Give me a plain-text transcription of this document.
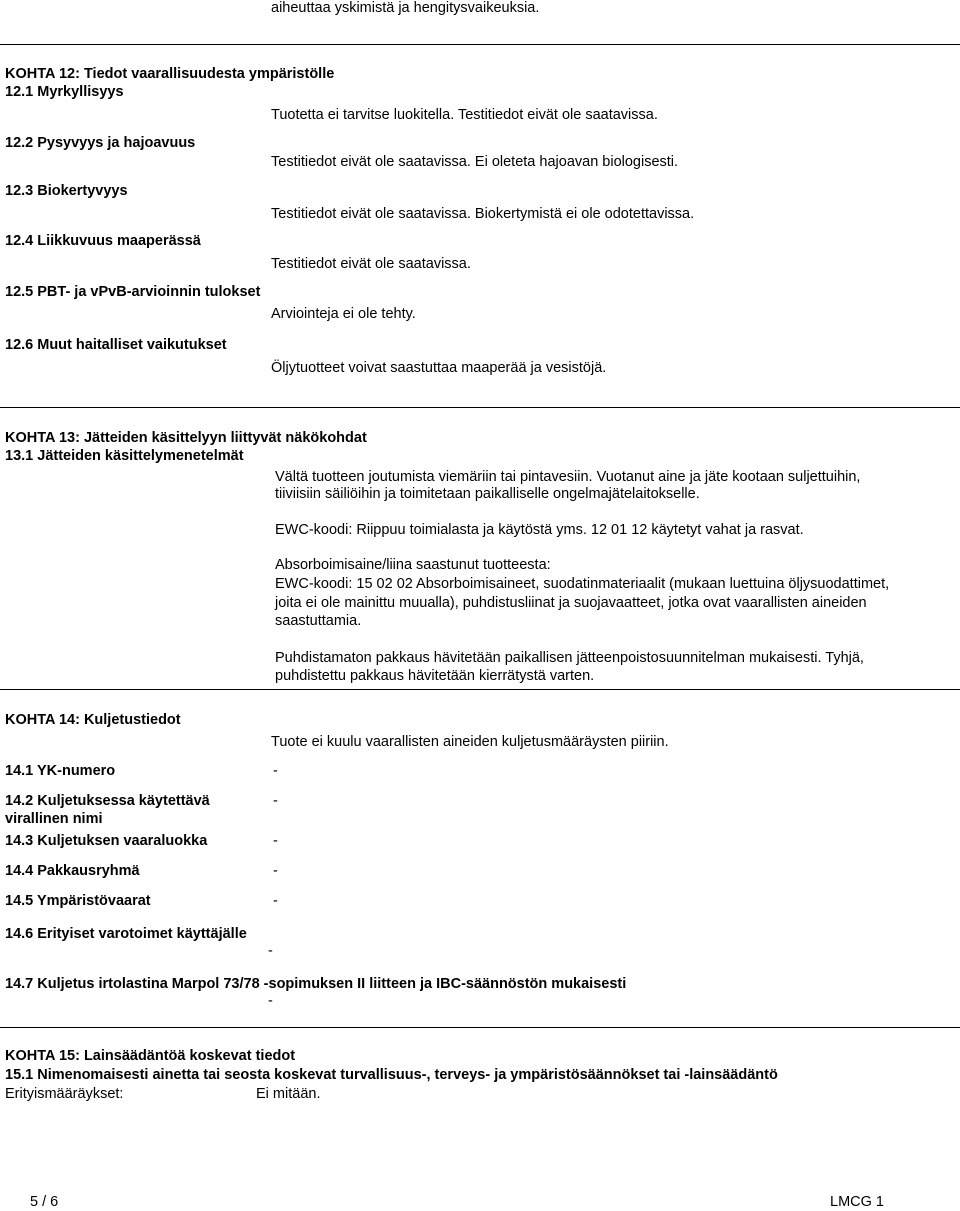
aiheuttaa yskimistä ja hengitysvaikeuksia.
KOHTA 12: Tiedot vaarallisuudesta ympäristölle
12.1 Myrkyllisyys
Tuotetta ei tarvitse luokitella. Testitiedot eivät ole saatavissa.
12.2 Pysyvyys ja hajoavuus
Testitiedot eivät ole saatavissa. Ei oleteta hajoavan biologisesti.
12.3 Biokertyvyys
Testitiedot eivät ole saatavissa. Biokertymistä ei ole odotettavissa.
12.4 Liikkuvuus maaperässä
Testitiedot eivät ole saatavissa.
12.5 PBT- ja vPvB-arvioinnin tulokset
Arviointeja ei ole tehty.
12.6 Muut haitalliset vaikutukset
Öljytuotteet voivat saastuttaa maaperää ja vesistöjä.
KOHTA 13: Jätteiden käsittelyyn liittyvät näkökohdat
13.1 Jätteiden käsittelymenetelmät
Vältä tuotteen joutumista viemäriin tai pintavesiin. Vuotanut aine ja jäte kootaan suljettuihin,
tiiviisiin säiliöihin ja toimitetaan paikalliselle ongelmajätelaitokselle.
EWC-koodi: Riippuu toimialasta ja käytöstä yms. 12 01 12 käytetyt vahat ja rasvat.
Absorboimisaine/liina saastunut tuotteesta:
EWC-koodi: 15 02 02 Absorboimisaineet, suodatinmateriaalit (mukaan luettuina öljysuodattimet,
joita ei ole mainittu muualla), puhdistusliinat ja suojavaatteet, jotka ovat vaarallisten aineiden
saastuttamia.
Puhdistamaton pakkaus hävitetään paikallisen jätteenpoistosuunnitelman mukaisesti. Tyhjä,
puhdistettu pakkaus hävitetään kierrätystä varten.
KOHTA 14: Kuljetustiedot
Tuote ei kuulu vaarallisten aineiden kuljetusmääräysten piiriin.
14.1 YK-numero	-
14.2 Kuljetuksessa käytettävä
virallinen nimi
-
14.3 Kuljetuksen vaaraluokka	-
14.4 Pakkausryhmä	-
14.5 Ympäristövaarat	-
14.6 Erityiset varotoimet käyttäjälle
-
14.7 Kuljetus irtolastina Marpol 73/78 -sopimuksen II liitteen ja IBC-säännöstön mukaisesti
-
KOHTA 15: Lainsäädäntöä koskevat tiedot
15.1 Nimenomaisesti ainetta tai seosta koskevat turvallisuus-, terveys- ja ympäristösäännökset tai -lainsäädäntö
Erityismääräykset:	Ei mitään.
5 / 6	LMCG 1
